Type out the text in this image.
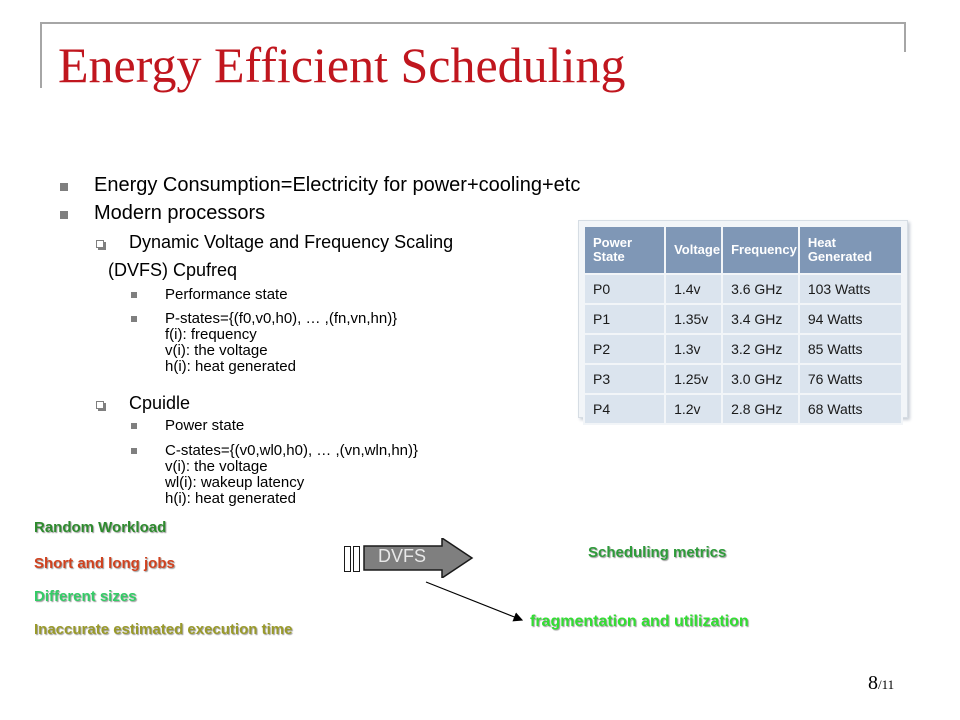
Energy Efficient Scheduling
Energy Consumption=Electricity for power+cooling+etc
Modern processors
Dynamic Voltage and Frequency Scaling
(DVFS) Cpufreq
Performance state
P-states={(f0,v0,h0), … ,(fn,vn,hn)}
f(i): frequency
v(i): the voltage
h(i): heat generated
Cpuidle
Power state
C-states={(v0,wl0,h0), … ,(vn,wln,hn)}
v(i): the voltage
wl(i): wakeup latency
h(i): heat generated
Power State	Voltage	Frequency	Heat Generated
P0	1.4v	3.6 GHz	103 Watts
P1	1.35v	3.4 GHz	94 Watts
P2	1.3v	3.2 GHz	85 Watts
P3	1.25v	3.0 GHz	76 Watts
P4	1.2v	2.8 GHz	68 Watts
Random Workload
Short and long jobs
Different sizes
Inaccurate estimated execution time
DVFS	Scheduling metrics
fragmentation and utilization
8/11
